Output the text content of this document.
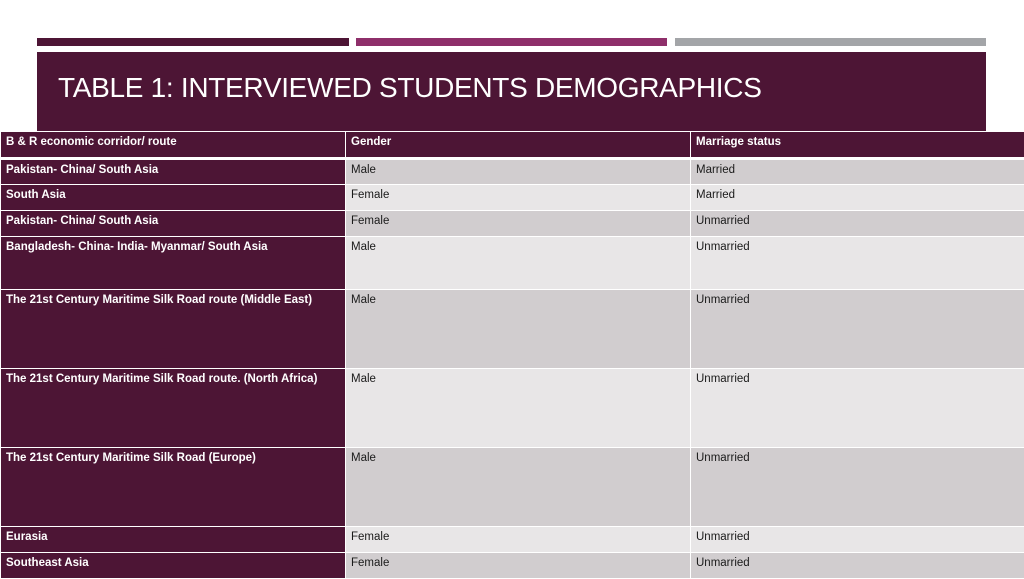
TABLE 1: INTERVIEWED STUDENTS DEMOGRAPHICS
B & R economic corridor/ route	Gender	Marriage status
Pakistan- China/ South Asia	Male	Married
South Asia	Female	Married
Pakistan- China/ South Asia	Female	Unmarried
Bangladesh- China- India- Myanmar/ South Asia	Male	Unmarried
The 21st Century Maritime Silk Road route (Middle East)	Male	Unmarried
The 21st Century Maritime Silk Road route. (North Africa)	Male	Unmarried
The 21st Century Maritime Silk Road (Europe)	Male	Unmarried
Eurasia	Female	Unmarried
Southeast Asia	Female	Unmarried
